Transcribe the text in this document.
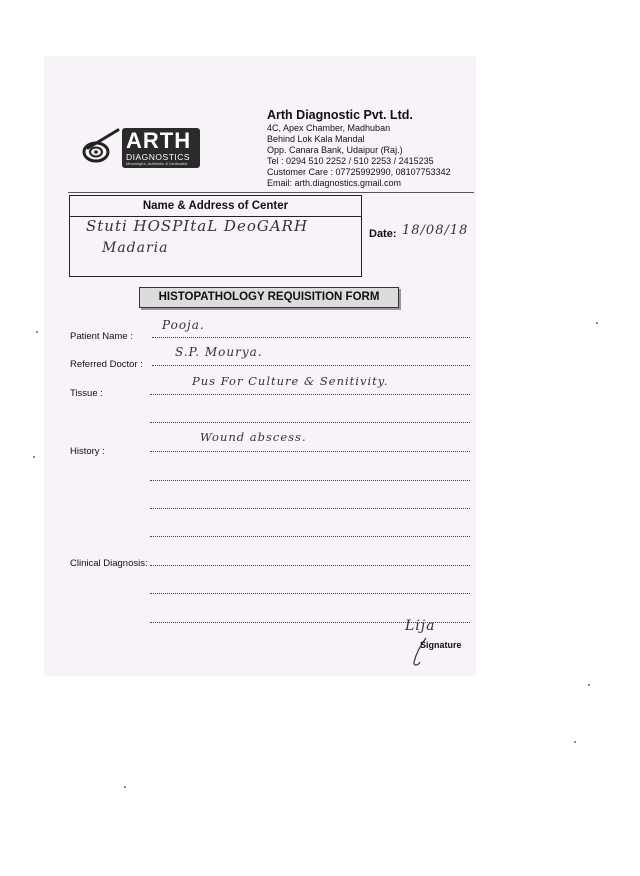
ARTH
DIAGNOSTICS
Meaningful, Authentic & Dedicated
Arth Diagnostic Pvt. Ltd.
4C, Apex Chamber, Madhuban
Behind Lok Kala Mandal
Opp. Canara Bank, Udaipur (Raj.)
Tel : 0294 510 2252 / 510 2253 / 2415235
Customer Care : 07725992990, 08107753342
Email: arth.diagnostics.gmail.com
Name & Address of Center
Stuti HOSPItaL DeoGARH
Madaria
Date: 18/08/18
HISTOPATHOLOGY REQUISITION FORM
Patient Name :
Pooja.
Referred Doctor :
S.P. Mourya.
Tissue :
Pus For Culture & Senitivity.
Wound abscess.
History :
Clinical Diagnosis:
Lija
Signature
